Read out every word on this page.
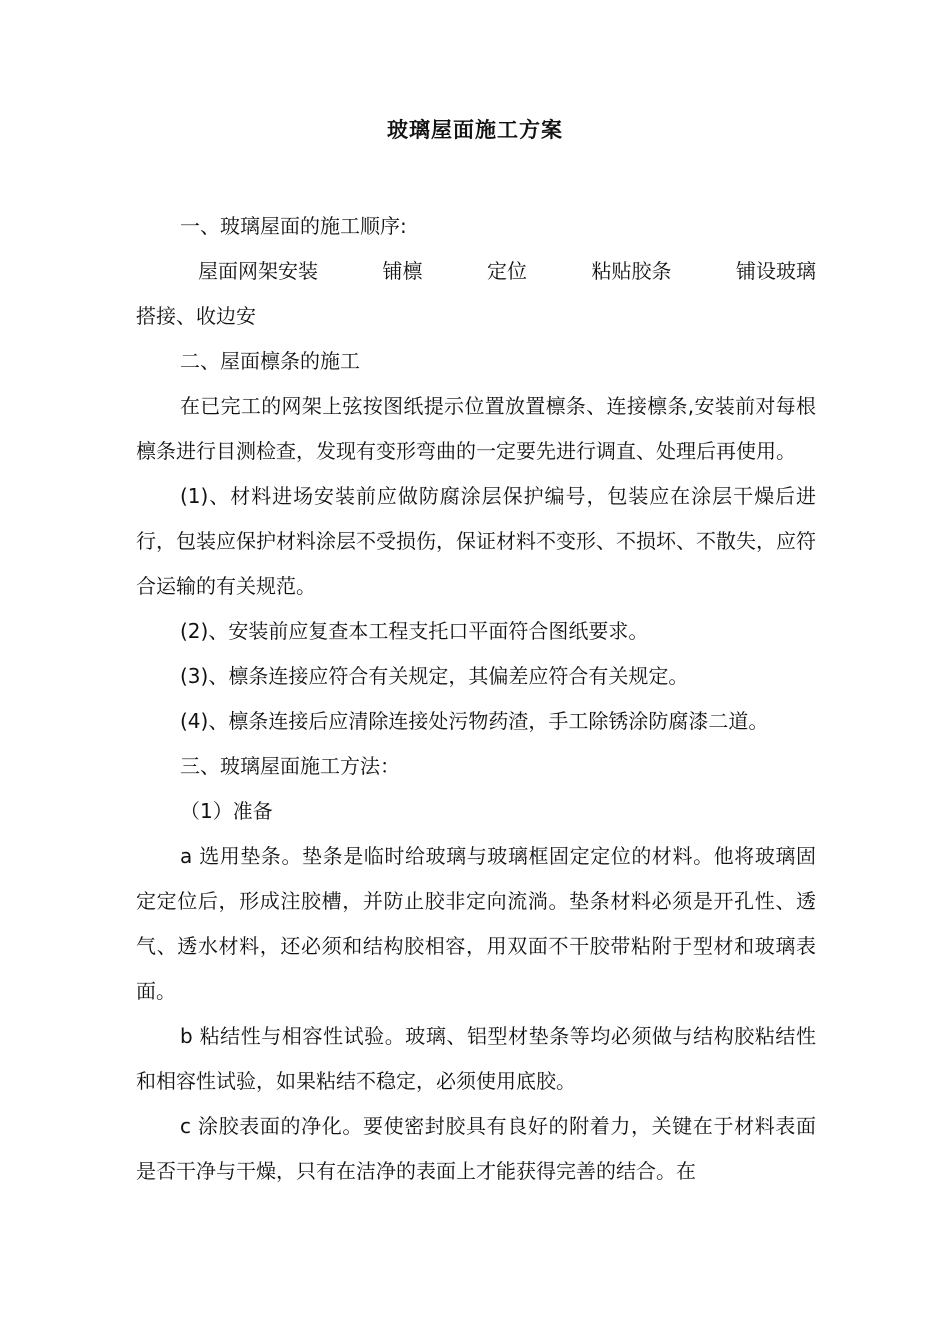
玻璃屋面施工方案

一、玻璃屋面的施工顺序:

屋面网架安装	铺檩	定位	粘贴胶条	铺设玻璃

搭接、收边安

二、屋面檩条的施工

在已完工的网架上弦按图纸提示位置放置檩条、连接檩条,安装前对每根檩条进行目测检查，发现有变形弯曲的一定要先进行调直、处理后再使用。

(1)、材料进场安装前应做防腐涂层保护编号，包装应在涂层干燥后进行，包装应保护材料涂层不受损伤，保证材料不变形、不损坏、不散失，应符合运输的有关规范。

(2)、安装前应复查本工程支托口平面符合图纸要求。

(3)、檩条连接应符合有关规定，其偏差应符合有关规定。

(4)、檩条连接后应清除连接处污物药渣，手工除锈涂防腐漆二道。

三、玻璃屋面施工方法：

（1）准备

a 选用垫条。垫条是临时给玻璃与玻璃框固定定位的材料。他将玻璃固定定位后，形成注胶槽，并防止胶非定向流淌。垫条材料必须是开孔性、透气、透水材料，还必须和结构胶相容，用双面不干胶带粘附于型材和玻璃表面。

b 粘结性与相容性试验。玻璃、铝型材垫条等均必须做与结构胶粘结性和相容性试验，如果粘结不稳定，必须使用底胶。

c 涂胶表面的净化。要使密封胶具有良好的附着力，关键在于材料表面是否干净与干燥，只有在洁净的表面上才能获得完善的结合。在
